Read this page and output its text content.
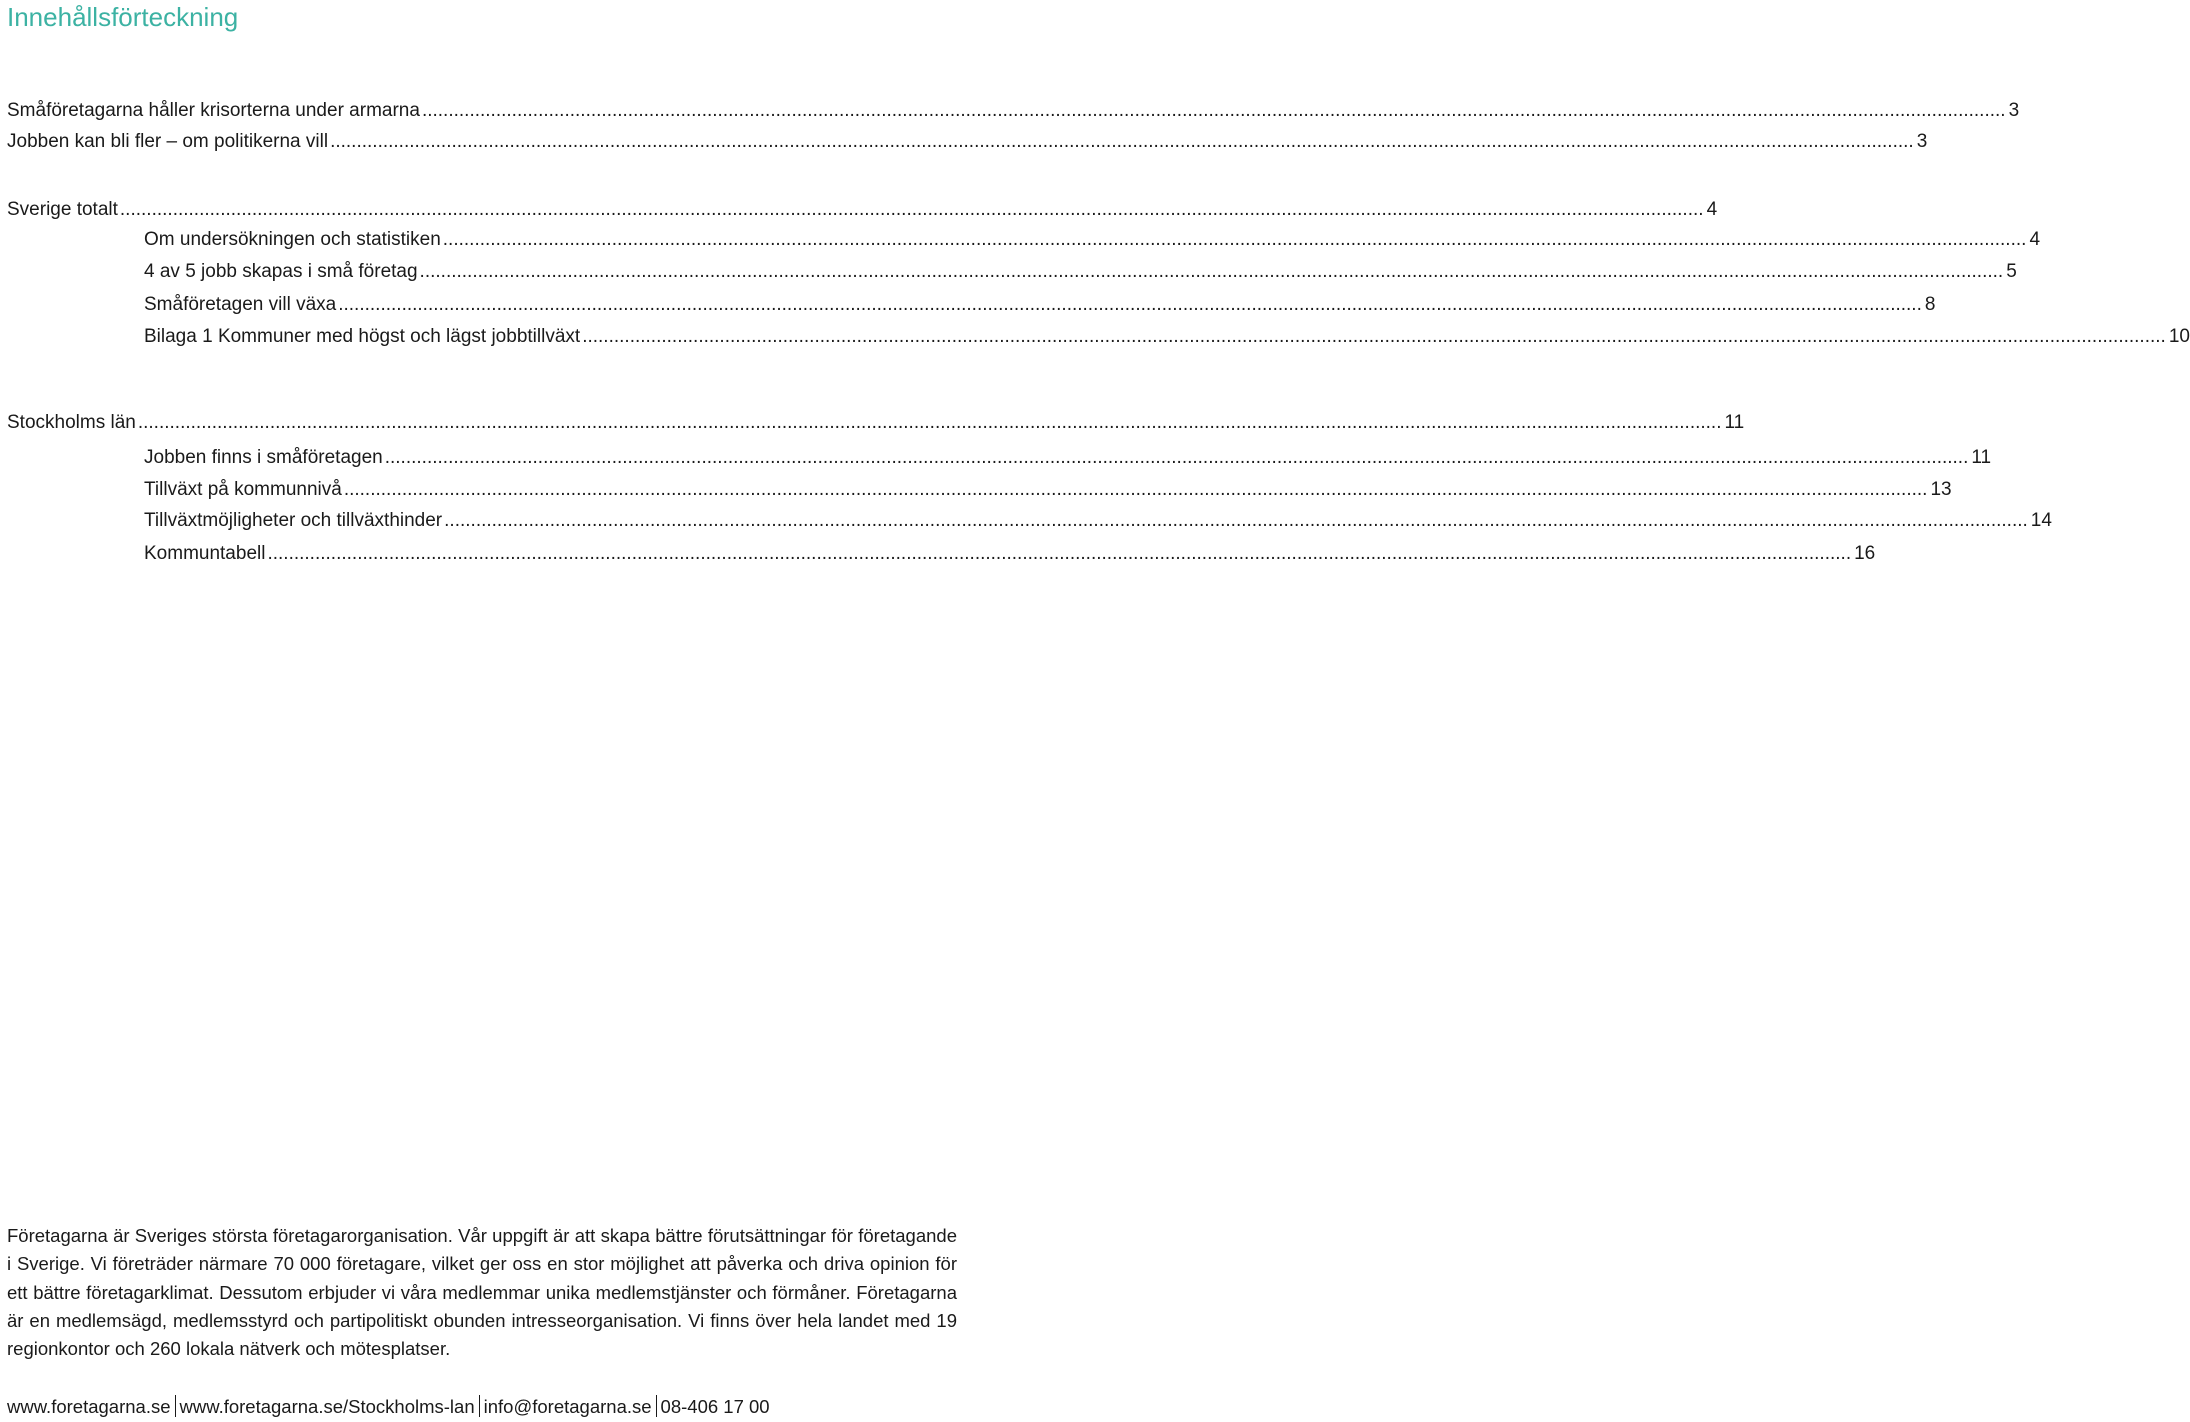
Innehållsförteckning
Småföretagarna håller krisorterna under armarna ............................................................................................................................................................................................................................................................................................................ 3
Jobben kan bli fler – om politikerna vill ............................................................................................................................................................................................................................................................................................................ 3
Sverige totalt ............................................................................................................................................................................................................................................................................................................ 4
Om undersökningen och statistiken ............................................................................................................................................................................................................................................................................................................ 4
4 av 5 jobb skapas i små företag ............................................................................................................................................................................................................................................................................................................ 5
Småföretagen vill växa ............................................................................................................................................................................................................................................................................................................ 8
Bilaga 1 Kommuner med högst och lägst jobbtillväxt ............................................................................................................................................................................................................................................................................................................ 10
Stockholms län ............................................................................................................................................................................................................................................................................................................ 11
Jobben finns i småföretagen ............................................................................................................................................................................................................................................................................................................ 11
Tillväxt på kommunnivå ............................................................................................................................................................................................................................................................................................................ 13
Tillväxtmöjligheter och tillväxthinder ............................................................................................................................................................................................................................................................................................................ 14
Kommuntabell ............................................................................................................................................................................................................................................................................................................ 16
Företagarna är Sveriges största företagarorganisation. Vår uppgift är att skapa bättre förutsättningar för företagande i Sverige. Vi företräder närmare 70 000 företagare, vilket ger oss en stor möjlighet att påverka och driva opinion för ett bättre företagarklimat. Dessutom erbjuder vi våra medlemmar unika medlemstjänster och förmåner. Företagarna är en medlemsägd, medlemsstyrd och partipolitiskt obunden intresseorganisation. Vi finns över hela landet med 19 regionkontor och 260 lokala nätverk och mötesplatser.
www.foretagarna.se www.foretagarna.se/Stockholms-lan info@foretagarna.se 08-406 17 00
